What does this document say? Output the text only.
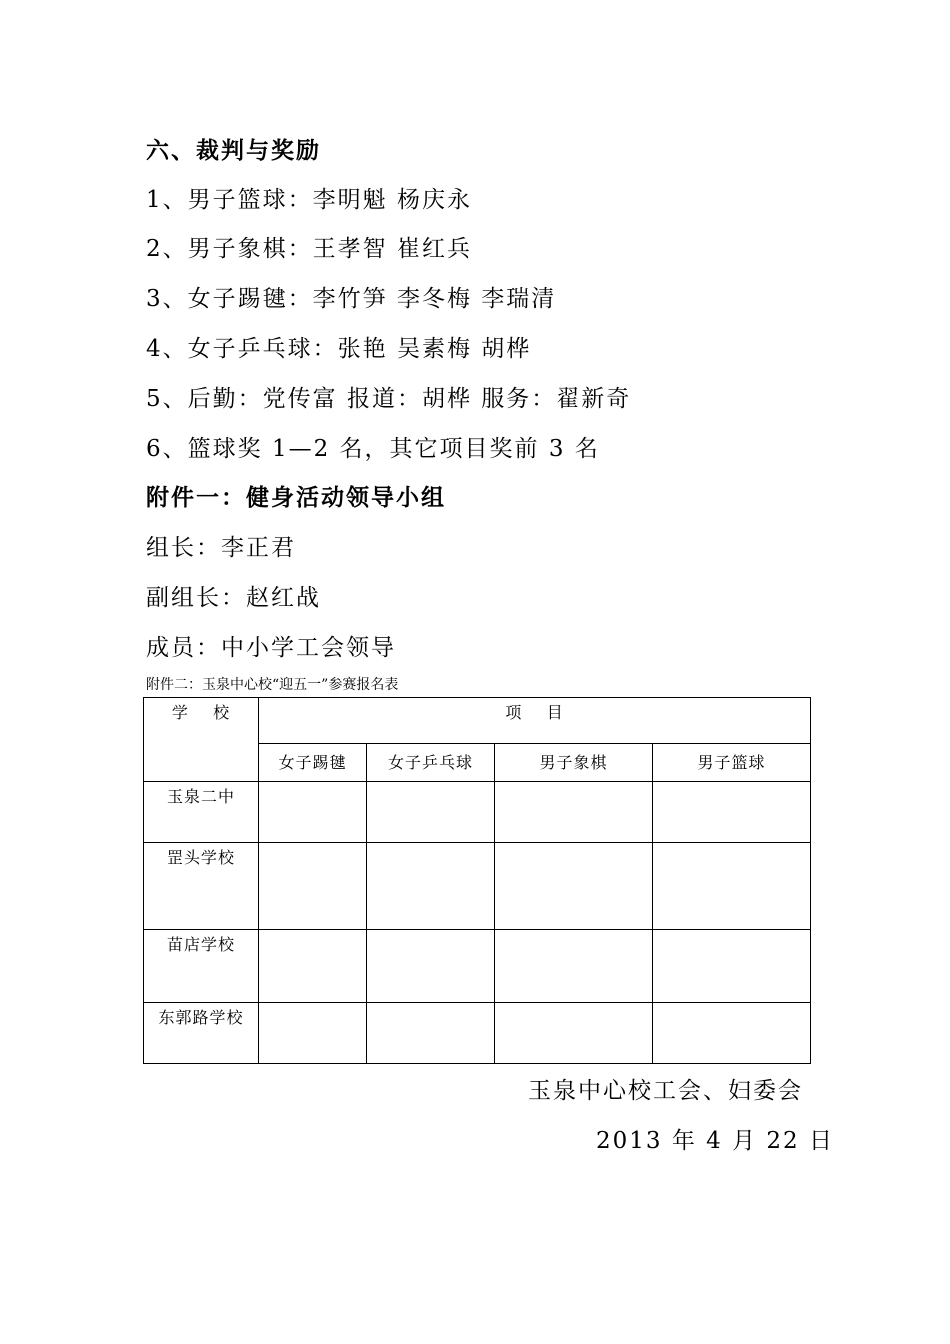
六、裁判与奖励
1、男子篮球：李明魁 杨庆永
2、男子象棋：王孝智 崔红兵
3、女子踢毽：李竹笋 李冬梅 李瑞清
4、女子乒乓球：张艳 吴素梅 胡桦
5、后勤：党传富 报道：胡桦 服务：翟新奇
6、篮球奖 1—2 名，其它项目奖前 3 名
附件一：健身活动领导小组
组长：李正君
副组长：赵红战
成员：中小学工会领导
附件二：玉泉中心校“迎五一”参赛报名表
学    校	项    目			

	女子踢毽	女子乒乓球	男子象棋	男子篮球

玉泉二中				

罡头学校				

苗店学校				

东郭路学校				

玉泉中心校工会、妇委会
2013 年 4 月 22 日
